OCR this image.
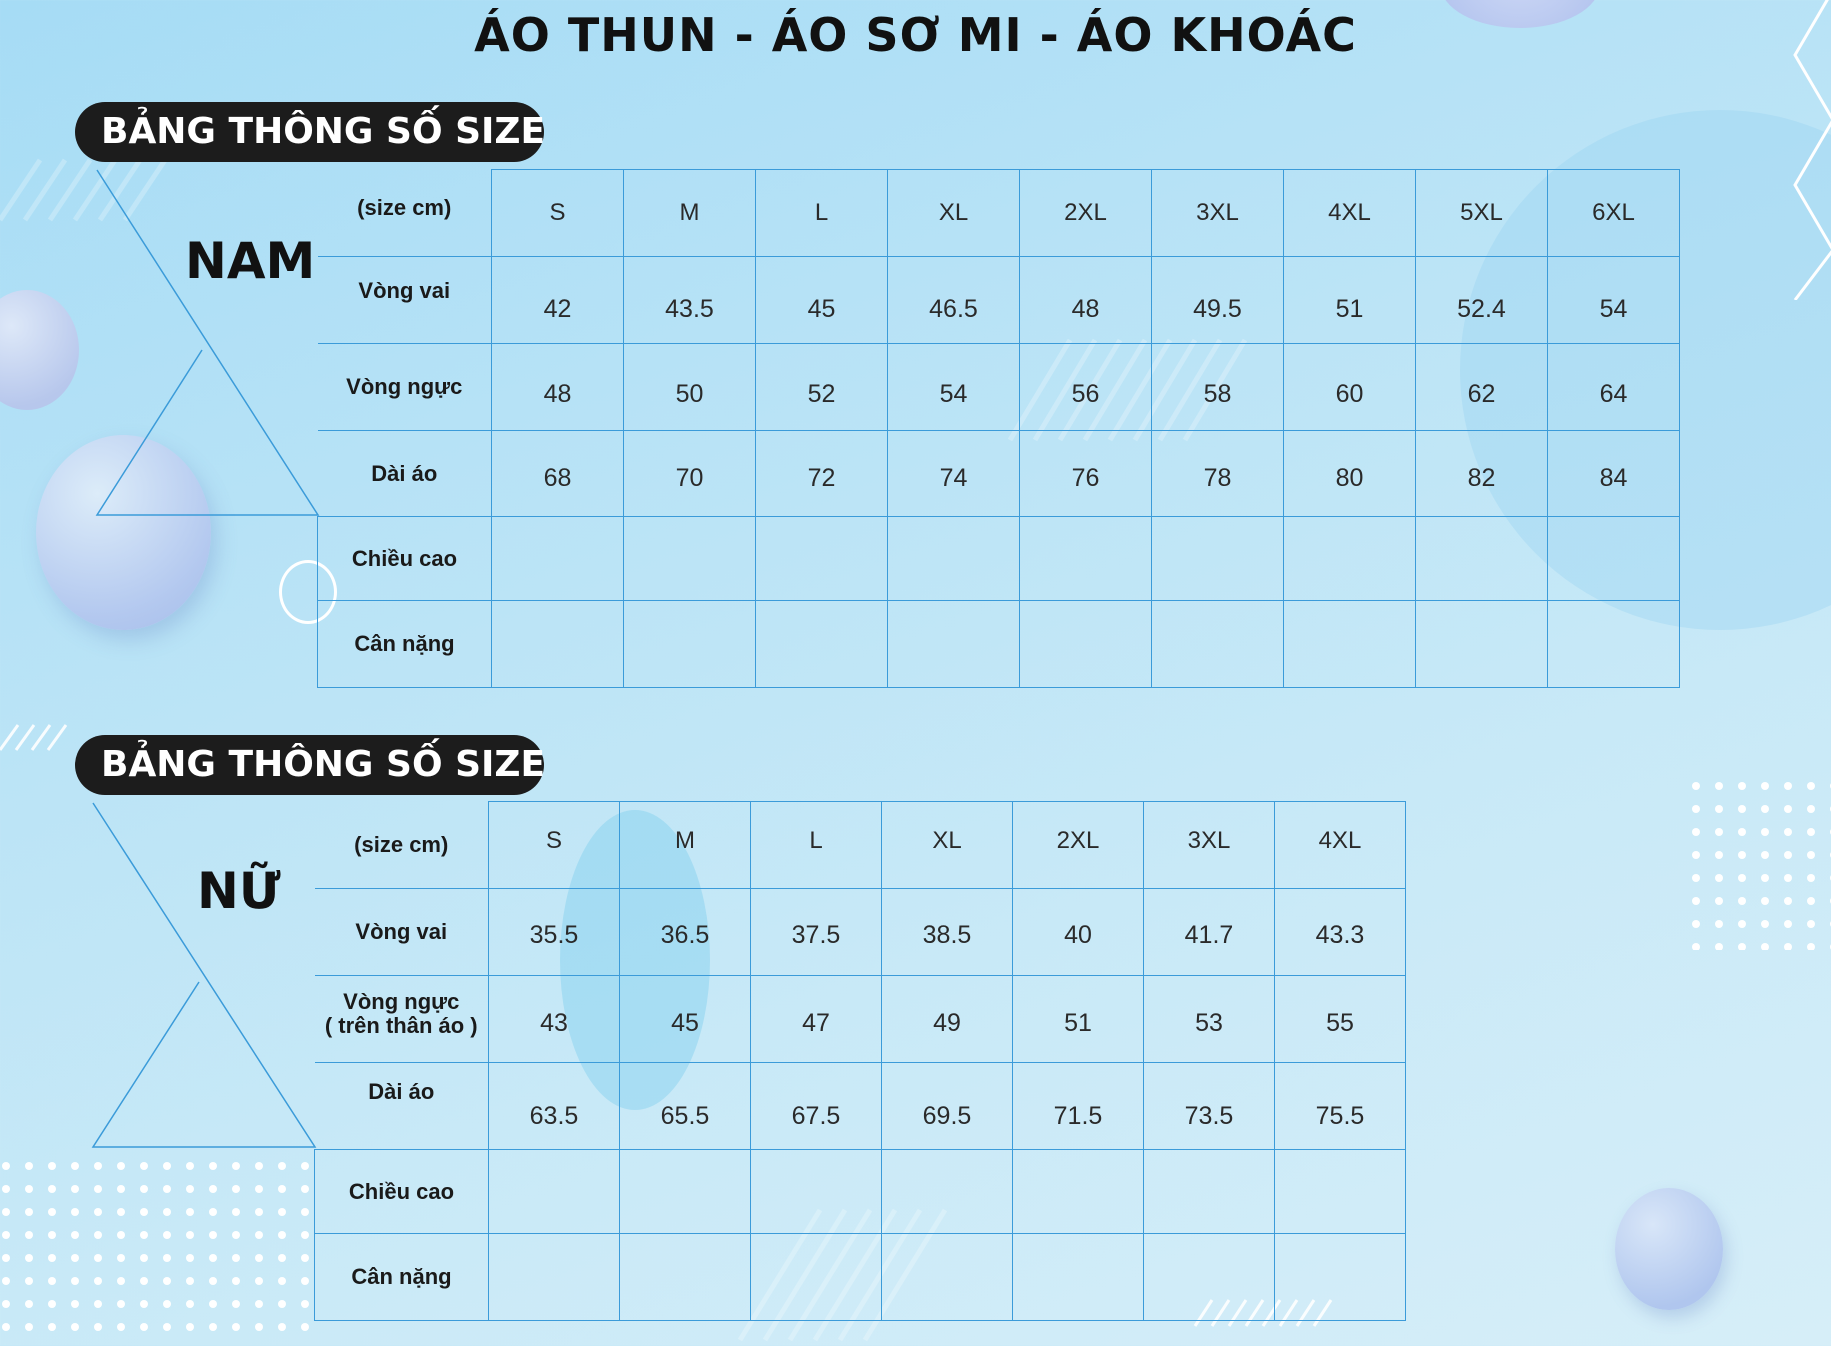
ÁO THUN - ÁO SƠ MI - ÁO KHOÁC
BẢNG THÔNG SỐ SIZE
NAM
(size cm)	S	M	L	XL	2XL	3XL	4XL	5XL	6XL
Vòng vai	42	43.5	45	46.5	48	49.5	51	52.4	54
Vòng ngực	48	50	52	54	56	58	60	62	64
Dài áo	68	70	72	74	76	78	80	82	84
Chiều cao									
Cân nặng									
BẢNG THÔNG SỐ SIZE
NỮ
(size cm)	S	M	L	XL	2XL	3XL	4XL
Vòng vai	35.5	36.5	37.5	38.5	40	41.7	43.3

Vòng ngực
( trên thân áo )	43	45	47	49	51	53	55
Dài áo	63.5	65.5	67.5	69.5	71.5	73.5	75.5
Chiều cao							
Cân nặng							
